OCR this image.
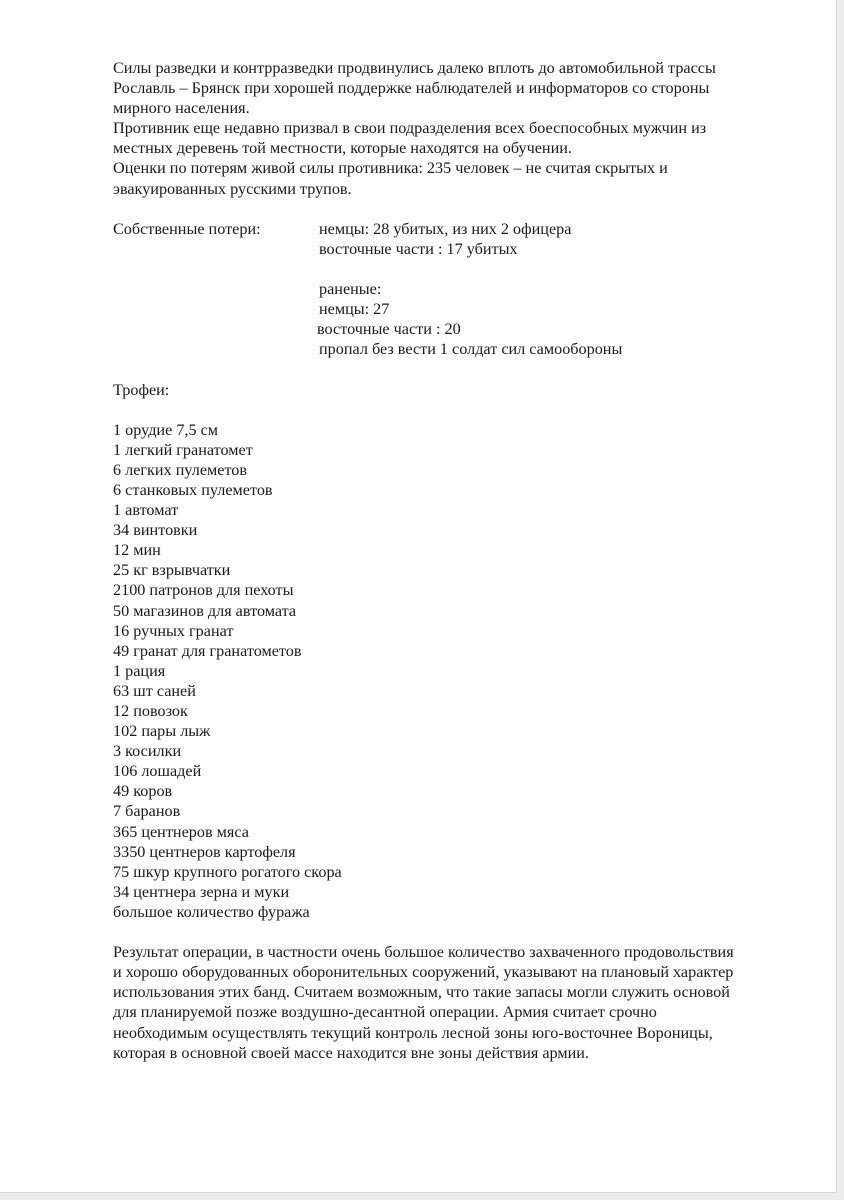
Силы разведки и контрразведки продвинулись далеко вплоть до автомобильной трассы
Рославль – Брянск при хорошей поддержке наблюдателей и информаторов со стороны
мирного населения.
Противник еще недавно призвал в свои подразделения всех боеспособных мужчин из
местных деревень той местности, которые находятся на обучении.
Оценки по потерям живой силы противника: 235 человек – не считая скрытых и
эвакуированных русскими трупов.
Собственные потери:	немцы: 28 убитых, из них 2 офицера
восточные части : 17 убитых
раненые:
немцы: 27
восточные части : 20
пропал без вести 1 солдат сил самообороны
Трофеи:
1 орудие 7,5 см
1 легкий гранатомет
6 легких пулеметов
6 станковых пулеметов
1 автомат
34 винтовки
12 мин
25 кг взрывчатки
2100 патронов для пехоты
50 магазинов для автомата
16 ручных гранат
49 гранат для гранатометов
1 рация
63 шт саней
12 повозок
102 пары лыж
3 косилки
106 лошадей
49 коров
7 баранов
365 центнеров мяса
3350 центнеров картофеля
75 шкур крупного рогатого скора
34 центнера зерна и муки
большое количество фуража
Результат операции, в частности очень большое количество захваченного продовольствия
и хорошо оборудованных оборонительных сооружений, указывают на плановый характер
использования этих банд. Считаем возможным, что такие запасы могли служить основой
для планируемой позже воздушно-десантной операции. Армия считает срочно
необходимым осуществлять текущий контроль лесной зоны юго-восточнее Вороницы,
которая в основной своей массе находится вне зоны действия армии.
